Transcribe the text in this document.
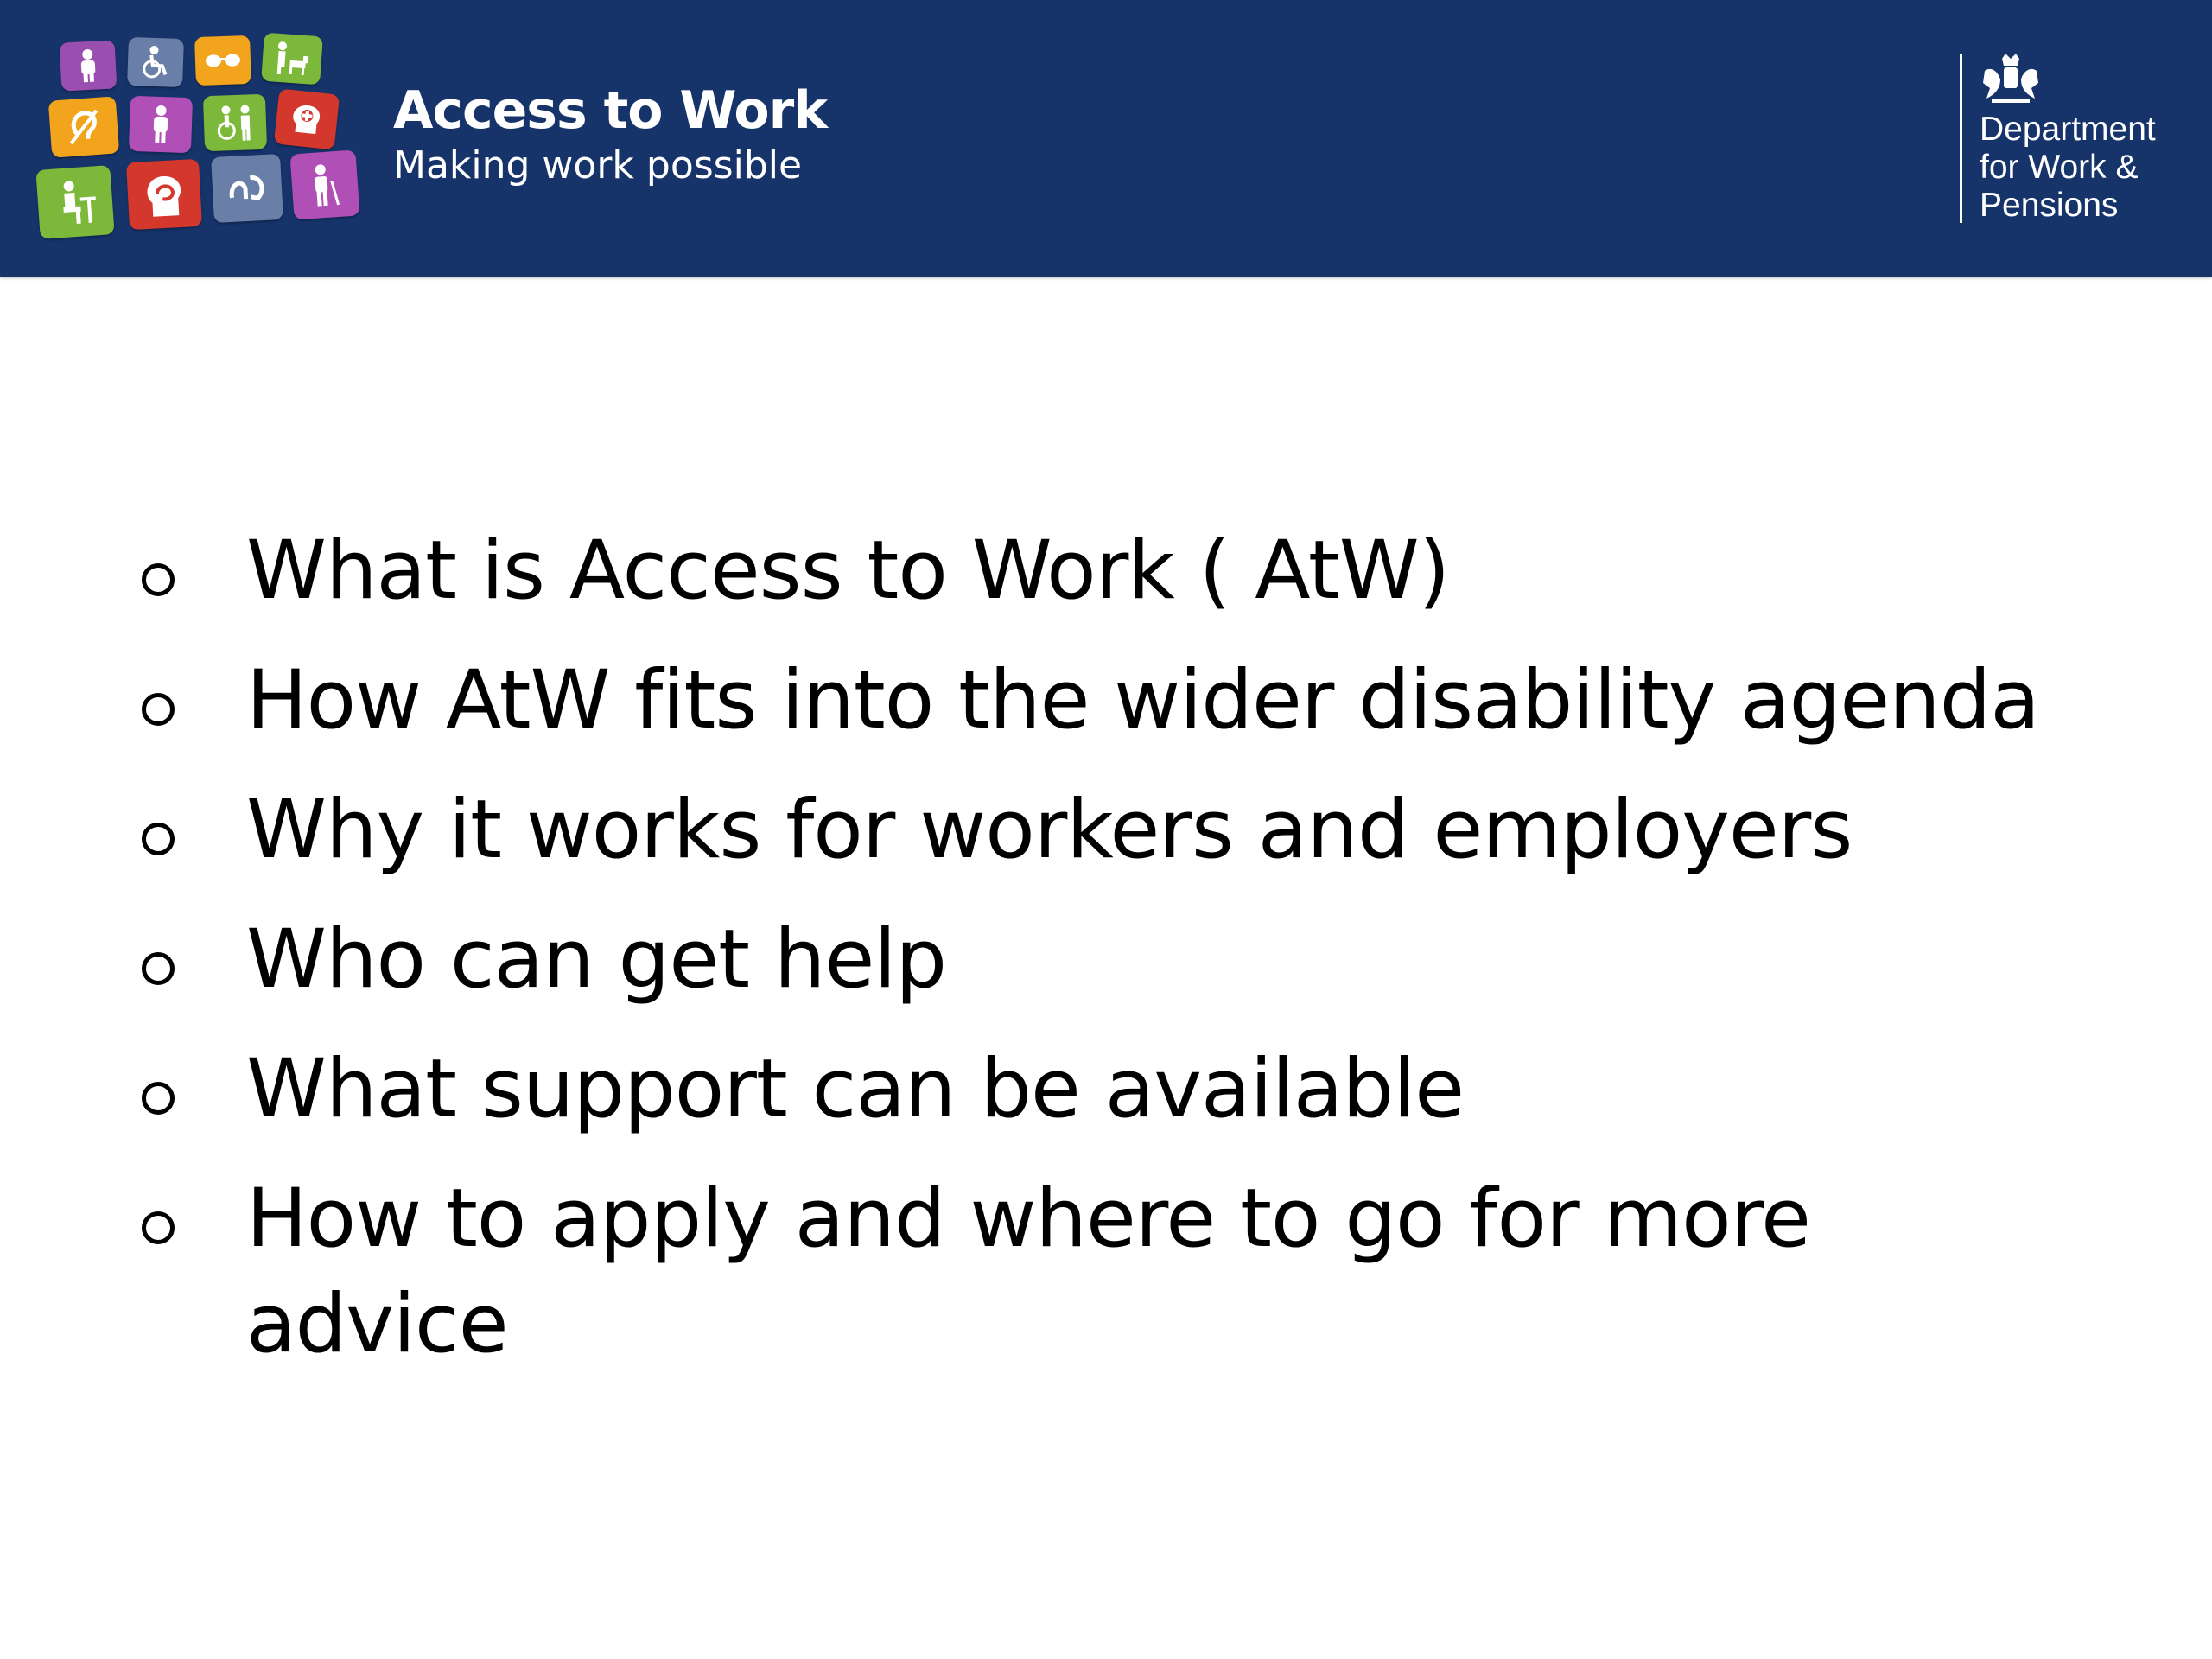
Access to Work
Making work possible
Department
for Work &
Pensions
What is Access to Work ( AtW)
How AtW fits into the wider disability agenda
Why it works for workers and employers
Who can get help
What support can be available
How to apply and where to go for more advice
